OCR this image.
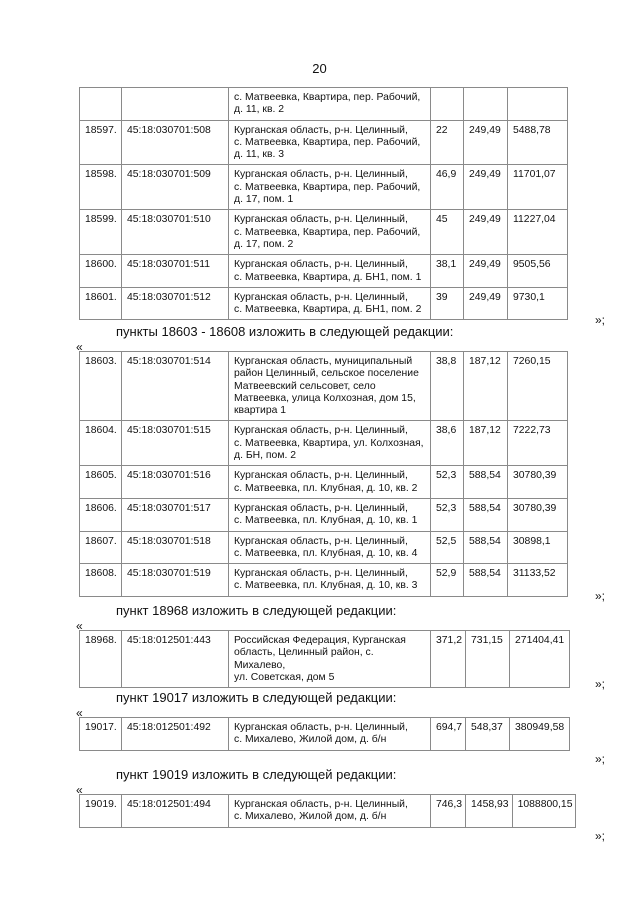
20
		с. Матвеевка, Квартира, пер. Рабочий,
д. 11, кв. 2			
18597.	45:18:030701:508	Курганская область, р-н. Целинный,
с. Матвеевка, Квартира, пер. Рабочий,
д. 11, кв. 3	22	249,49	5488,78
18598.	45:18:030701:509	Курганская область, р-н. Целинный,
с. Матвеевка, Квартира, пер. Рабочий,
д. 17, пом. 1	46,9	249,49	11701,07
18599.	45:18:030701:510	Курганская область, р-н. Целинный,
с. Матвеевка, Квартира, пер. Рабочий,
д. 17, пом. 2	45	249,49	11227,04
18600.	45:18:030701:511	Курганская область, р-н. Целинный,
с. Матвеевка, Квартира, д. БН1, пом. 1	38,1	249,49	9505,56
18601.	45:18:030701:512	Курганская область, р-н. Целинный,
с. Матвеевка, Квартира, д. БН1, пом. 2	39	249,49	9730,1
»;
пункты 18603 - 18608 изложить в следующей редакции:
«
18603.	45:18:030701:514	Курганская область, муниципальный
район Целинный, сельское поселение
Матвеевский сельсовет, село
Матвеевка, улица Колхозная, дом 15,
квартира 1	38,8	187,12	7260,15
18604.	45:18:030701:515	Курганская область, р-н. Целинный,
с. Матвеевка, Квартира, ул. Колхозная,
д. БН, пом. 2	38,6	187,12	7222,73
18605.	45:18:030701:516	Курганская область, р-н. Целинный,
с. Матвеевка, пл. Клубная, д. 10, кв. 2	52,3	588,54	30780,39
18606.	45:18:030701:517	Курганская область, р-н. Целинный,
с. Матвеевка, пл. Клубная, д. 10, кв. 1	52,3	588,54	30780,39
18607.	45:18:030701:518	Курганская область, р-н. Целинный,
с. Матвеевка, пл. Клубная, д. 10, кв. 4	52,5	588,54	30898,1
18608.	45:18:030701:519	Курганская область, р-н. Целинный,
с. Матвеевка, пл. Клубная, д. 10, кв. 3	52,9	588,54	31133,52
»;
пункт 18968 изложить в следующей редакции:
«
18968.	45:18:012501:443	Российская Федерация, Курганская
область, Целинный район, с. Михалево,
ул. Советская, дом 5	371,2	731,15	271404,41
»;
пункт 19017 изложить в следующей редакции:
«
19017.	45:18:012501:492	Курганская область, р-н. Целинный,
с. Михалево, Жилой дом, д. б/н	694,7	548,37	380949,58
»;
пункт 19019 изложить в следующей редакции:
«
19019.	45:18:012501:494	Курганская область, р-н. Целинный,
с. Михалево, Жилой дом, д. б/н	746,3	1458,93	1088800,15
»;
